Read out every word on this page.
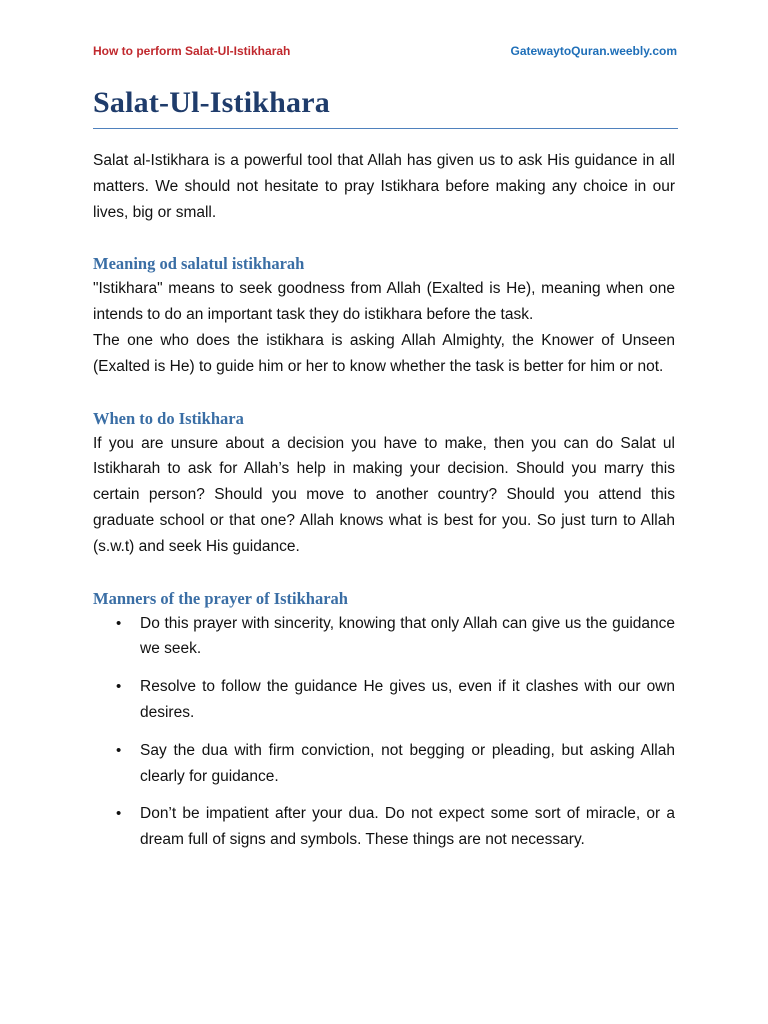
How to perform Salat-Ul-Istikharah	GatewaytoQuran.weebly.com
Salat-Ul-Istikhara

Salat al-Istikhara is a powerful tool that Allah has given us to ask His guidance in all matters. We should not hesitate to pray Istikhara before making any choice in our lives, big or small.

Meaning od salatul istikharah

"Istikhara" means to seek goodness from Allah (Exalted is He), meaning when one intends to do an important task they do istikhara before the task.

The one who does the istikhara is asking Allah Almighty, the Knower of Unseen (Exalted is He) to guide him or her to know whether the task is better for him or not.

When to do Istikhara

If you are unsure about a decision you have to make, then you can do Salat ul Istikharah to ask for Allah’s help in making your decision. Should you marry this certain person? Should you move to another country? Should you attend this graduate school or that one? Allah knows what is best for you. So just turn to Allah (s.w.t) and seek His guidance.

Manners of the prayer of Istikharah
• Do this prayer with sincerity, knowing that only Allah can give us the guidance we seek.
• Resolve to follow the guidance He gives us, even if it clashes with our own desires.
• Say the dua with firm conviction, not begging or pleading, but asking Allah clearly for guidance.
• Don’t be impatient after your dua. Do not expect some sort of miracle, or a dream full of signs and symbols. These things are not necessary.
